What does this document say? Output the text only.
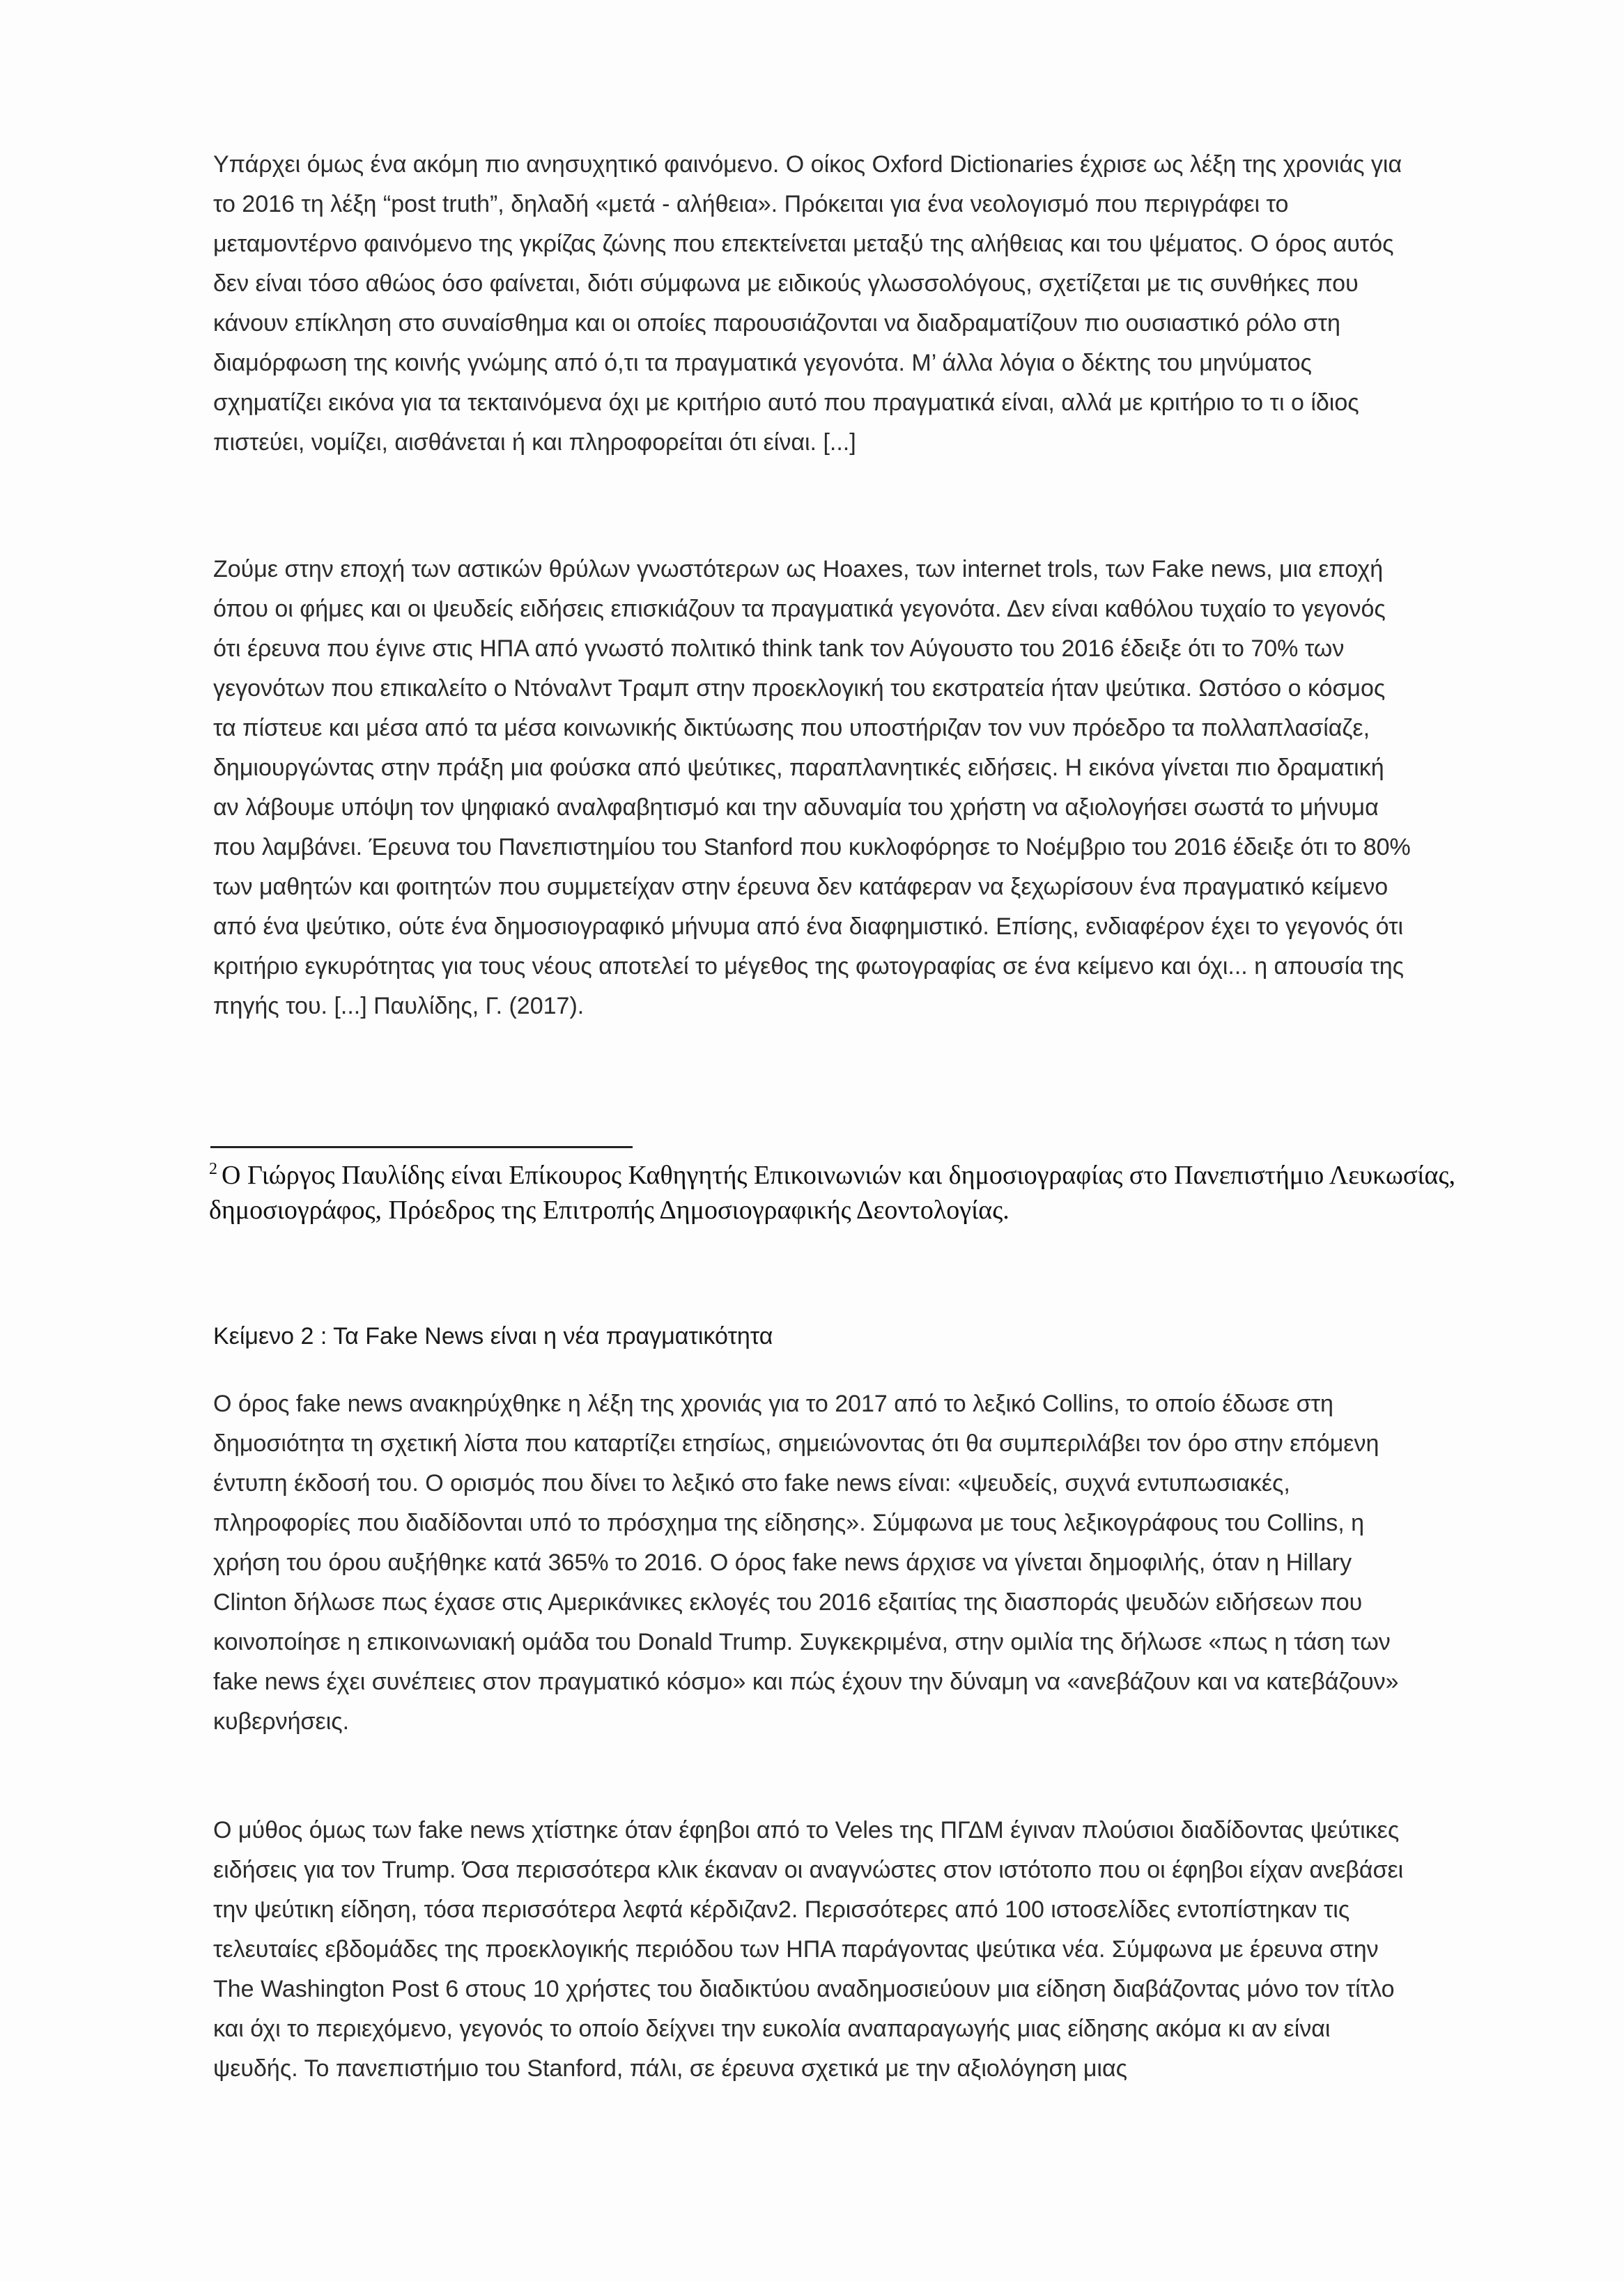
Υπάρχει όμως ένα ακόμη πιο ανησυχητικό φαινόμενο. Ο οίκος Oxford Dictionaries έχρισε ως λέξη της χρονιάς για το 2016 τη λέξη “post truth”, δηλαδή «μετά - αλήθεια». Πρόκειται για ένα νεολογισμό που περιγράφει το μεταμοντέρνο φαινόμενο της γκρίζας ζώνης που επεκτείνεται μεταξύ της αλήθειας και του ψέματος. Ο όρος αυτός δεν είναι τόσο αθώος όσο φαίνεται, διότι σύμφωνα με ειδικούς γλωσσολόγους, σχετίζεται με τις συνθήκες που κάνουν επίκληση στο συναίσθημα και οι οποίες παρουσιάζονται να διαδραματίζουν πιο ουσιαστικό ρόλο στη διαμόρφωση της κοινής γνώμης από ό,τι τα πραγματικά γεγονότα. Μ’ άλλα λόγια ο δέκτης του μηνύματος σχηματίζει εικόνα για τα τεκταινόμενα όχι με κριτήριο αυτό που πραγματικά είναι, αλλά με κριτήριο το τι ο ίδιος πιστεύει, νομίζει, αισθάνεται ή και πληροφορείται ότι είναι. [...]

Ζούμε στην εποχή των αστικών θρύλων γνωστότερων ως Hoaxes, των internet trols, των Fake news, μια εποχή όπου οι φήμες και οι ψευδείς ειδήσεις επισκιάζουν τα πραγματικά γεγονότα. Δεν είναι καθόλου τυχαίο το γεγονός ότι έρευνα που έγινε στις ΗΠΑ από γνωστό πολιτικό think tank τον Αύγουστο του 2016 έδειξε ότι το 70% των γεγονότων που επικαλείτο ο Ντόναλντ Τραμπ στην προεκλογική του εκστρατεία ήταν ψεύτικα. Ωστόσο ο κόσμος τα πίστευε και μέσα από τα μέσα κοινωνικής δικτύωσης που υποστήριζαν τον νυν πρόεδρο τα πολλαπλασίαζε, δημιουργώντας στην πράξη μια φούσκα από ψεύτικες, παραπλανητικές ειδήσεις. Η εικόνα γίνεται πιο δραματική αν λάβουμε υπόψη τον ψηφιακό αναλφαβητισμό και την αδυναμία του χρήστη να αξιολογήσει σωστά το μήνυμα που λαμβάνει. Έρευνα του Πανεπιστημίου του Stanford που κυκλοφόρησε το Νοέμβριο του 2016 έδειξε ότι το 80% των μαθητών και φοιτητών που συμμετείχαν στην έρευνα δεν κατάφεραν να ξεχωρίσουν ένα πραγματικό κείμενο από ένα ψεύτικο, ούτε ένα δημοσιογραφικό μήνυμα από ένα διαφημιστικό. Επίσης, ενδιαφέρον έχει το γεγονός ότι κριτήριο εγκυρότητας για τους νέους αποτελεί το μέγεθος της φωτογραφίας σε ένα κείμενο και όχι... η απουσία της πηγής του. [...] Παυλίδης, Γ. (2017).

$^2$ Ο Γιώργος Παυλίδης είναι Επίκουρος Καθηγητής Επικοινωνιών και δημοσιογραφίας στο Πανεπιστήμιο Λευκωσίας, δημοσιογράφος, Πρόεδρος της Επιτροπής Δημοσιογραφικής Δεοντολογίας.

Κείμενο 2 : Τα Fake News είναι η νέα πραγματικότητα

Ο όρος fake news ανακηρύχθηκε η λέξη της χρονιάς για το 2017 από το λεξικό Collins, το οποίο έδωσε στη δημοσιότητα τη σχετική λίστα που καταρτίζει ετησίως, σημειώνοντας ότι θα συμπεριλάβει τον όρο στην επόμενη έντυπη έκδοσή του. Ο ορισμός που δίνει το λεξικό στο fake news είναι: «ψευδείς, συχνά εντυπωσιακές, πληροφορίες που διαδίδονται υπό το πρόσχημα της είδησης». Σύμφωνα με τους λεξικογράφους του Collins, η χρήση του όρου αυξήθηκε κατά 365% το 2016. Ο όρος fake news άρχισε να γίνεται δημοφιλής, όταν η Hillary Clinton δήλωσε πως έχασε στις Αμερικάνικες εκλογές του 2016 εξαιτίας της διασποράς ψευδών ειδήσεων που κοινοποίησε η επικοινωνιακή ομάδα του Donald Trump. Συγκεκριμένα, στην ομιλία της δήλωσε «πως η τάση των fake news έχει συνέπειες στον πραγματικό κόσμο» και πώς έχουν την δύναμη να «ανεβάζουν και να κατεβάζουν» κυβερνήσεις.

Ο μύθος όμως των fake news χτίστηκε όταν έφηβοι από το Veles της ΠΓΔΜ έγιναν πλούσιοι διαδίδοντας ψεύτικες ειδήσεις για τον Trump. Όσα περισσότερα κλικ έκαναν οι αναγνώστες στον ιστότοπο που οι έφηβοι είχαν ανεβάσει την ψεύτικη είδηση, τόσα περισσότερα λεφτά κέρδιζαν2. Περισσότερες από 100 ιστοσελίδες εντοπίστηκαν τις τελευταίες εβδομάδες της προεκλογικής περιόδου των ΗΠΑ παράγοντας ψεύτικα νέα. Σύμφωνα με έρευνα στην The Washington Post 6 στους 10 χρήστες του διαδικτύου αναδημοσιεύουν μια είδηση διαβάζοντας μόνο τον τίτλο και όχι το περιεχόμενο, γεγονός το οποίο δείχνει την ευκολία αναπαραγωγής μιας είδησης ακόμα κι αν είναι ψευδής. Το πανεπιστήμιο του Stanford, πάλι, σε έρευνα σχετικά με την αξιολόγηση μιας
